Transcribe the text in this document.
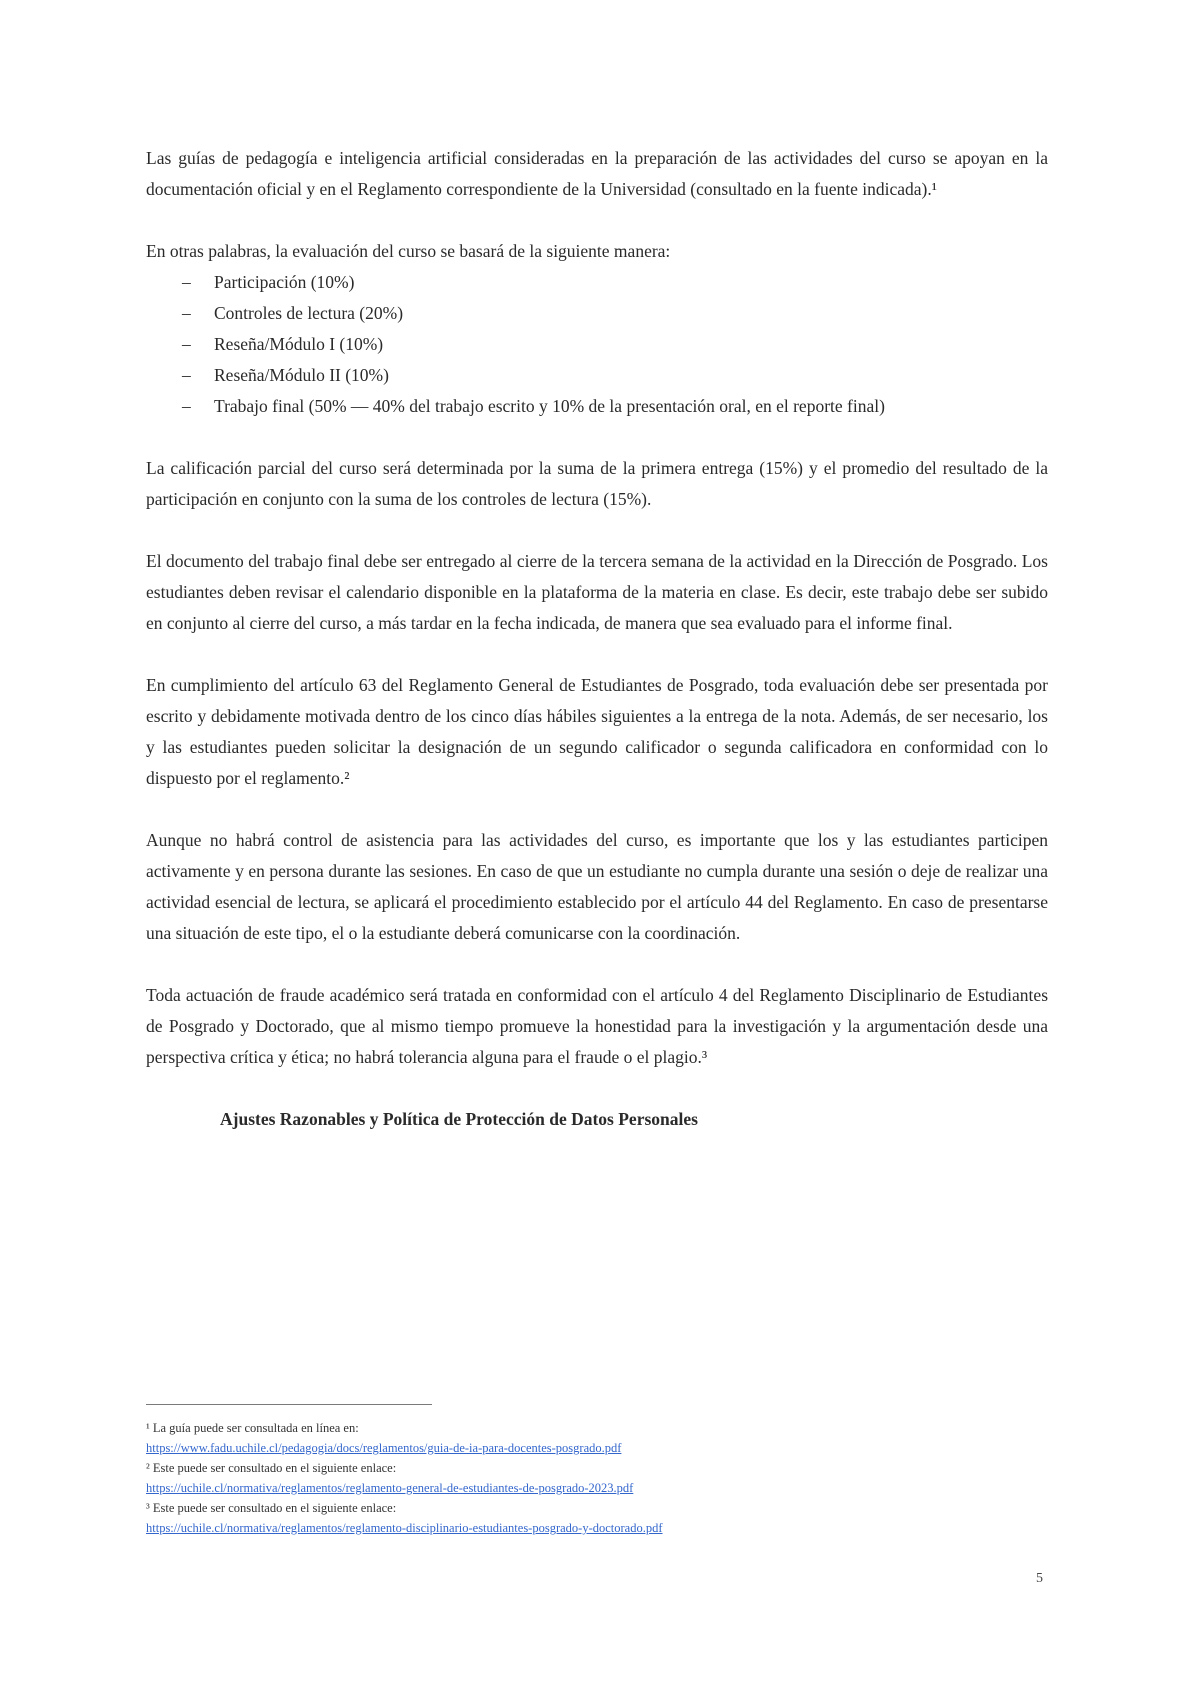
Las guías de pedagogía e inteligencia artificial consideradas en la preparación de las actividades del curso se apoyan en la documentación oficial y en el Reglamento correspondiente de la Universidad (consultado en la fuente indicada).¹

En otras palabras, la evaluación del curso se basará de la siguiente manera:

– Participación (10%)
– Controles de lectura (20%)
– Reseña/Módulo I (10%)
– Reseña/Módulo II (10%)
– Trabajo final (50% — 40% del trabajo escrito y 10% de la presentación oral, en el reporte final)

La calificación parcial del curso será determinada por la suma de la primera entrega (15%) y el promedio del resultado de la participación en conjunto con la suma de los controles de lectura (15%).

El documento del trabajo final debe ser entregado al cierre de la tercera semana de la actividad en la Dirección de Posgrado. Los estudiantes deben revisar el calendario disponible en la plataforma de la materia en clase. Es decir, este trabajo debe ser subido en conjunto al cierre del curso, a más tardar en la fecha indicada, de manera que sea evaluado para el informe final.

En cumplimiento del artículo 63 del Reglamento General de Estudiantes de Posgrado, toda evaluación debe ser presentada por escrito y debidamente motivada dentro de los cinco días hábiles siguientes a la entrega de la nota. Además, de ser necesario, los y las estudiantes pueden solicitar la designación de un segundo calificador o segunda calificadora en conformidad con lo dispuesto por el reglamento.²

Aunque no habrá control de asistencia para las actividades del curso, es importante que los y las estudiantes participen activamente y en persona durante las sesiones. En caso de que un estudiante no cumpla durante una sesión o deje de realizar una actividad esencial de lectura, se aplicará el procedimiento establecido por el artículo 44 del Reglamento. En caso de presentarse una situación de este tipo, el o la estudiante deberá comunicarse con la coordinación.

Toda actuación de fraude académico será tratada en conformidad con el artículo 4 del Reglamento Disciplinario de Estudiantes de Posgrado y Doctorado, que al mismo tiempo promueve la honestidad para la investigación y la argumentación desde una perspectiva crítica y ética; no habrá tolerancia alguna para el fraude o el plagio.³

Ajustes Razonables y Política de Protección de Datos Personales
¹ La guía puede ser consultada en línea en:
https://www.fadu.uchile.cl/pedagogia/docs/reglamentos/guia-de-ia-para-docentes-posgrado.pdf
² Este puede ser consultado en el siguiente enlace:
https://uchile.cl/normativa/reglamentos/reglamento-general-de-estudiantes-de-posgrado-2023.pdf
³ Este puede ser consultado en el siguiente enlace:
https://uchile.cl/normativa/reglamentos/reglamento-disciplinario-estudiantes-posgrado-y-doctorado.pdf
5
